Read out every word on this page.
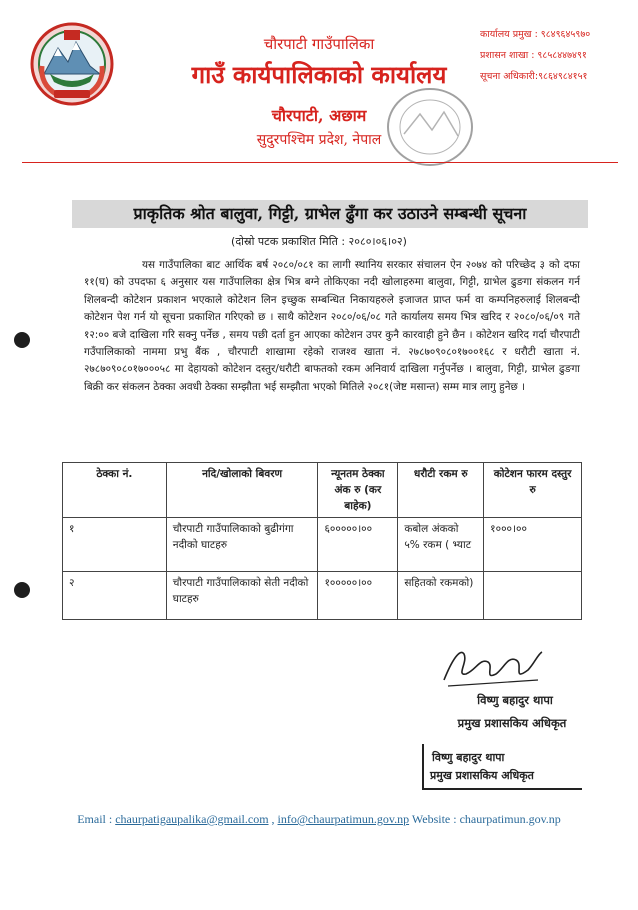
चौरपाटी गाउँपालिका
गाउँ कार्यपालिकाको कार्यालय
चौरपाटी, अछाम
सुदुरपश्चिम प्रदेश, नेपाल
कार्यालय प्रमुख : ९८४९६४५९७०
प्रशासन शाखा : ९८५८४४७४९१
सूचना अधिकारी:९८६४९८४१५१
प्राकृतिक श्रोत बालुवा, गिट्टी, ग्राभेल ढुँगा कर उठाउने सम्बन्धी सूचना
(दोस्रो पटक प्रकाशित मिति : २०८०।०६।०२)
यस गाउँपालिका बाट आर्थिक बर्ष २०८०/०८१ का लागी स्थानिय सरकार संचालन ऐन २०७४ को परिच्छेद ३ को दफा ११(घ) को उपदफा ६ अनुसार यस गाउँपालिका क्षेत्र भित्र बग्ने तोकिएका नदी खोलाहरुमा बालुवा, गिट्टी, ग्राभेल ढुङगा संकलन गर्न शिलबन्दी कोटेशन प्रकाशन भएकाले कोटेशन लिन इच्छुक सम्बन्धित निकायहरुले इजाजत प्राप्त फर्म वा कम्पनिहरुलाई शिलबन्दी कोटेशन पेश गर्न यो सूचना प्रकाशित गरिएको छ । साथै कोटेशन २०८०/०६/०८ गते कार्यालय समय भित्र खरिद र २०८०/०६/०९ गते १२:०० बजे दाखिला गरि सक्नु पर्नेछ , समय पछी दर्ता हुन आएका कोटेशन उपर कुनै कारवाही हुने छैन । कोटेशन खरिद गर्दा चौरपाटी गउँपालिकाको नाममा प्रभु बैंक , चौरपाटी शाखामा रहेको राजश्व खाता नं. २७८७०९०८०१७००१६८ र धरौटी खाता नं. २७८७०९०८०१७०००५८ मा देहायको कोटेशन दस्तुर/धरौटी बाफतको रकम अनिवार्य दाखिला गर्नुपर्नेछ । बालुवा, गिट्टी, ग्राभेल ढुङगा बिक्री कर संकलन ठेक्का अवधी ठेक्का सम्झौता भई सम्झौता भएको मितिले २०८१(जेष्ट मसान्त) सम्म मात्र लागु हुनेछ ।
ठेक्का नं.	नदि/खोलाको बिवरण	न्यूनतम ठेक्का अंक रु (कर बाहेक)	धरौटी रकम रु	कोटेशन फारम दस्तुर रु
१	चौरपाटी गाउँपालिकाको बुढीगंगा नदीको घाटहरु	६०००००।००	कबोल अंकको ५% रकम ( भ्याट	१०००।००
२	चौरपाटी गाउँपालिकाको सेती नदीको घाटहरु	१०००००।००	सहितको रकमको)	
विष्णु बहादुर थापा
प्रमुख प्रशासकिय अधिकृत
विष्णु बहादुर थापा
प्रमुख प्रशासकिय अधिकृत
Email : chaurpatigaupalika@gmail.com , info@chaurpatimun.gov.np Website : chaurpatimun.gov.np
